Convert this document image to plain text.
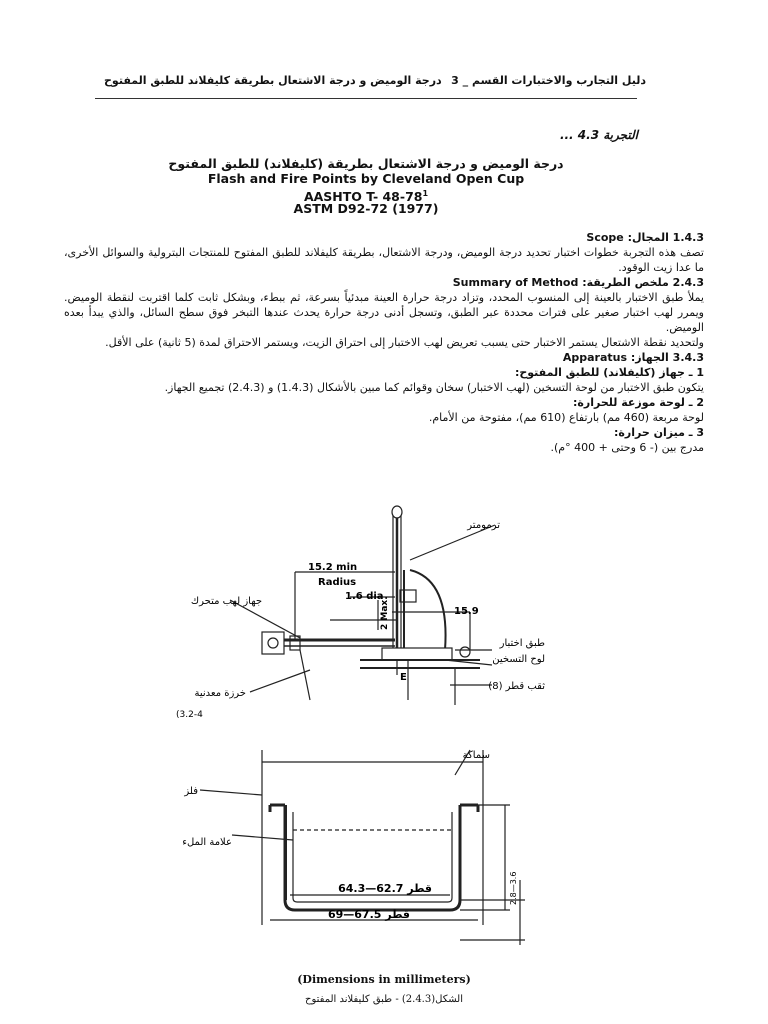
دليل التجارب والاختبارات القسم _ 3
درجة الوميض و درجة الاشتعال بطريقة كليفلاند للطبق المفتوح
التجربة 4.3 ...
درجة الوميض و درجة الاشتعال بطريقة (كليفلاند) للطبق المفتوح
Flash and Fire Points by Cleveland Open Cup
AASHTO T- $48-78^1$
ASTM D92-72 (1977)

1.4.3 المجال: Scope

تصف هذه التجربة خطوات اختبار تحديد درجة الوميض، ودرجة الاشتعال، بطريقة كليفلاند للطبق المفتوح للمنتجات البترولية والسوائل الأخرى، ما عدا زيت الوقود.

2.4.3 ملخص الطريقة: Summary of Method

يملأ طبق الاختبار بالعينة إلى المنسوب المحدد، وتزاد درجة حرارة العينة مبدئياً بسرعة، ثم ببطء، وبشكل ثابت كلما اقتربت لنقطة الوميض. ويمرر لهب اختبار صغير على فترات محددة عبر الطبق، وتسجل أدنى درجة حرارة يحدث عندها التبخر فوق سطح السائل، والذي يبدأ بعده الوميض.

ولتحديد نقطة الاشتعال يستمر الاختبار حتى يسبب تعريض لهب الاختبار إلى احتراق الزيت، ويستمر الاحتراق لمدة (5 ثانية) على الأقل.

3.4.3 الجهاز: Apparatus

1 ـ جهاز (كليفلاند) للطبق المفتوح:

يتكون طبق الاختبار من لوحة التسخين (لهب الاختبار) سخان وقوائم كما مبين بالأشكال (1.4.3) و (2.4.3) تجميع الجهاز.

2 ـ لوحة موزعة للحرارة:

لوحة مربعة (460 مم) بارتفاع (610 مم)، مفتوحة من الأمام.

3 ـ ميزان حرارة:

مدرج بين (- 6 وحتى + 400 °م).

ترمومتر
جهاز لهب متحرك
15.2 min
Radius
1.6 dia
2 Max.	15.9
E
طبق اختبار
لوح التسخين
ثقب قطر (8)
خرزة معدنية
(3.2-4
سماكة
فلز
علامة الملء
قطر 62.7—64.3
قطر 67.5—69
2.8—3.6
(Dimensions in millimeters)
الشكل(2.4.3) - طبق كليفلاند المفتوح
